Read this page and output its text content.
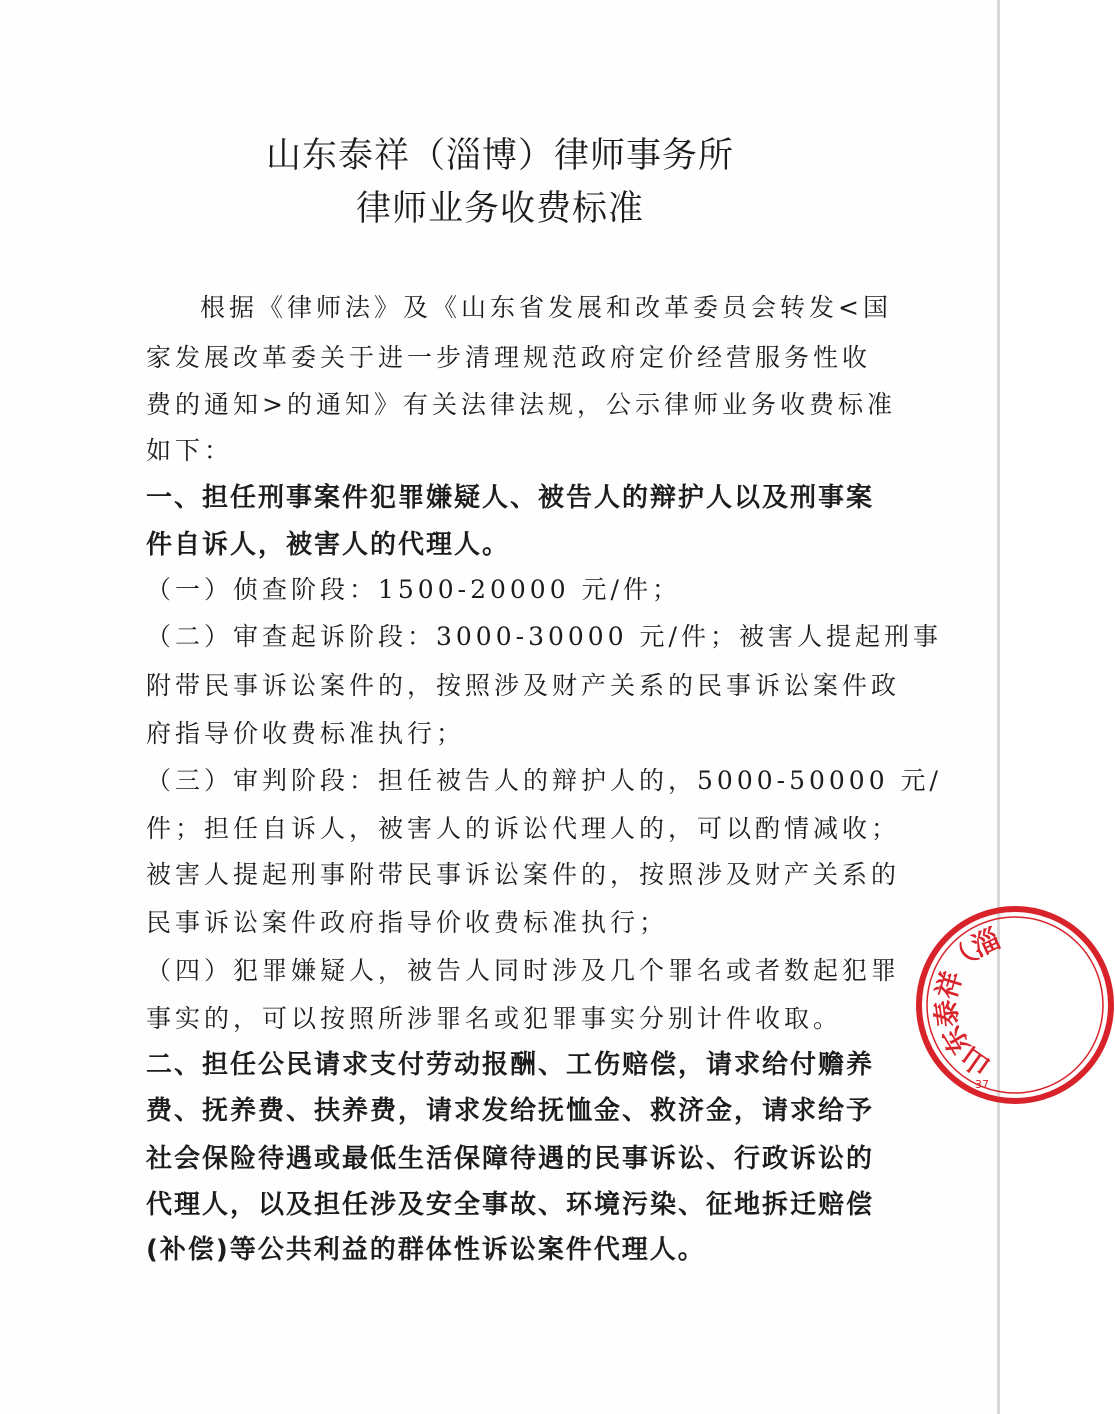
山东泰祥（淄博）律师事务所
律师业务收费标准
根据《律师法》及《山东省发展和改革委员会转发<国
家发展改革委关于进一步清理规范政府定价经营服务性收
费的通知>的通知》有关法律法规，公示律师业务收费标准
如下：
一、担任刑事案件犯罪嫌疑人、被告人的辩护人以及刑事案
件自诉人，被害人的代理人。
（一）侦查阶段：1500-20000 元/件；
（二）审查起诉阶段：3000-30000 元/件；被害人提起刑事
附带民事诉讼案件的，按照涉及财产关系的民事诉讼案件政
府指导价收费标准执行；
（三）审判阶段：担任被告人的辩护人的，5000-50000 元/
件；担任自诉人，被害人的诉讼代理人的，可以酌情减收；
被害人提起刑事附带民事诉讼案件的，按照涉及财产关系的
民事诉讼案件政府指导价收费标准执行；
（四）犯罪嫌疑人，被告人同时涉及几个罪名或者数起犯罪
事实的，可以按照所涉罪名或犯罪事实分别计件收取。
二、担任公民请求支付劳动报酬、工伤赔偿，请求给付赡养
费、抚养费、扶养费，请求发给抚恤金、救济金，请求给予
社会保险待遇或最低生活保障待遇的民事诉讼、行政诉讼的
代理人，以及担任涉及安全事故、环境污染、征地拆迁赔偿
(补偿)等公共利益的群体性诉讼案件代理人。
山
东
泰
祥
（
淄
37
